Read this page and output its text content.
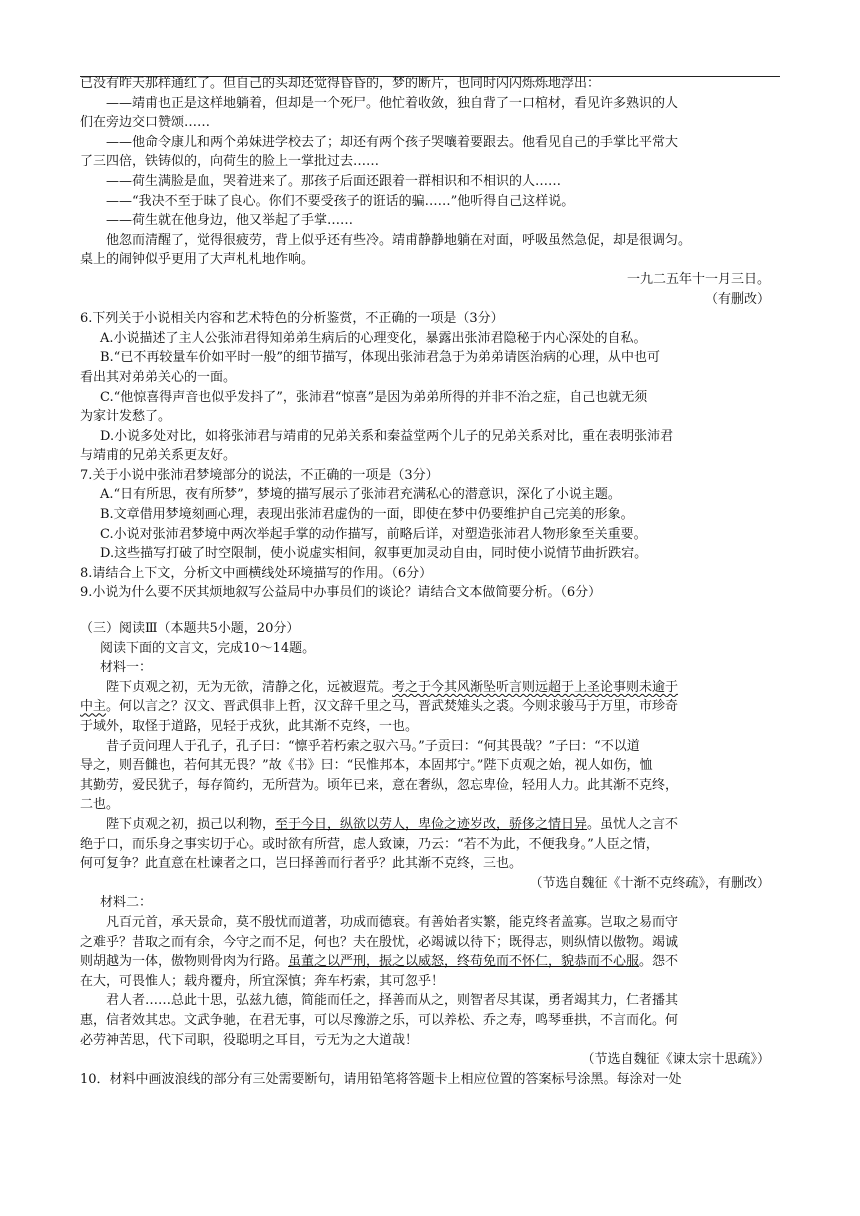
已没有昨天那样通红了。但自己的头却还觉得昏昏的，梦的断片，也同时闪闪烁烁地浮出：
——靖甫也正是这样地躺着，但却是一个死尸。他忙着收敛，独自背了一口棺材，看见许多熟识的人
们在旁边交口赞颂……
——他命令康儿和两个弟妹进学校去了；却还有两个孩子哭嚷着要跟去。他看见自己的手掌比平常大
了三四倍，铁铸似的，向荷生的脸上一掌批过去……
——荷生满脸是血，哭着进来了。那孩子后面还跟着一群相识和不相识的人……
——“我决不至于昧了良心。你们不要受孩子的诳话的骗……”他听得自己这样说。
——荷生就在他身边，他又举起了手掌……
他忽而清醒了，觉得很疲劳，背上似乎还有些冷。靖甫静静地躺在对面，呼吸虽然急促，却是很调匀。
桌上的闹钟似乎更用了大声札札地作响。
一九二五年十一月三日。
（有删改）
6.下列关于小说相关内容和艺术特色的分析鉴赏，不正确的一项是（3分）
A.小说描述了主人公张沛君得知弟弟生病后的心理变化，暴露出张沛君隐秘于内心深处的自私。
B.“已不再较量车价如平时一般”的细节描写，体现出张沛君急于为弟弟请医治病的心理，从中也可
看出其对弟弟关心的一面。
C.“他惊喜得声音也似乎发抖了”，张沛君“惊喜”是因为弟弟所得的并非不治之症，自己也就无须
为家计发愁了。
D.小说多处对比，如将张沛君与靖甫的兄弟关系和秦益堂两个儿子的兄弟关系对比，重在表明张沛君
与靖甫的兄弟关系更友好。
7.关于小说中张沛君梦境部分的说法，不正确的一项是（3分）
A.“日有所思，夜有所梦”，梦境的描写展示了张沛君充满私心的潜意识，深化了小说主题。
B.文章借用梦境刻画心理，表现出张沛君虚伪的一面，即使在梦中仍要维护自己完美的形象。
C.小说对张沛君梦境中两次举起手掌的动作描写，前略后详，对塑造张沛君人物形象至关重要。
D.这些描写打破了时空限制，使小说虚实相间，叙事更加灵动自由，同时使小说情节曲折跌宕。
8.请结合上下文，分析文中画横线处环境描写的作用。（6分）
9.小说为什么要不厌其烦地叙写公益局中办事员们的谈论？请结合文本做简要分析。（6分）
（三）阅读Ⅲ（本题共5小题，20分）
阅读下面的文言文，完成10～14题。
材料一：
陛下贞观之初，无为无欲，清静之化，远被遐荒。考之于今其风渐坠听言则远超于上圣论事则未逾于
中主。何以言之？汉文、晋武俱非上哲，汉文辞千里之马，晋武焚雉头之裘。今则求骏马于万里，市珍奇
于域外，取怪于道路，见轻于戎狄，此其渐不克终，一也。
昔子贡问理人于孔子，孔子曰：“懔乎若朽索之驭六马。”子贡曰：“何其畏哉？”子曰：“不以道
导之，则吾雠也，若何其无畏？”故《书》曰：“民惟邦本，本固邦宁。”陛下贞观之始，视人如伤，恤
其勤劳，爱民犹子，每存简约，无所营为。顷年已来，意在奢纵，忽忘卑俭，轻用人力。此其渐不克终，
二也。
陛下贞观之初，损己以利物，至于今日，纵欲以劳人，卑俭之迹岁改，骄侈之情日异。虽忧人之言不
绝于口，而乐身之事实切于心。或时欲有所营，虑人致谏，乃云：“若不为此，不便我身。”人臣之情，
何可复争？此直意在杜谏者之口，岂曰择善而行者乎？此其渐不克终，三也。
（节选自魏征《十渐不克终疏》，有删改）
材料二：
凡百元首，承天景命，莫不殷忧而道著，功成而德衰。有善始者实繁，能克终者盖寡。岂取之易而守
之难乎？昔取之而有余，今守之而不足，何也？夫在殷忧，必竭诚以待下；既得志，则纵情以傲物。竭诚
则胡越为一体，傲物则骨肉为行路。虽董之以严刑，振之以威怒，终苟免而不怀仁，貌恭而不心服。怨不
在大，可畏惟人；载舟覆舟，所宜深慎；奔车朽索，其可忽乎！
君人者……总此十思，弘兹九德，简能而任之，择善而从之，则智者尽其谋，勇者竭其力，仁者播其
惠，信者效其忠。文武争驰，在君无事，可以尽豫游之乐，可以养松、乔之寿，鸣琴垂拱，不言而化。何
必劳神苦思，代下司职，役聪明之耳目，亏无为之大道哉！
（节选自魏征《谏太宗十思疏》）
10．材料中画波浪线的部分有三处需要断句，请用铅笔将答题卡上相应位置的答案标号涂黑。每涂对一处
